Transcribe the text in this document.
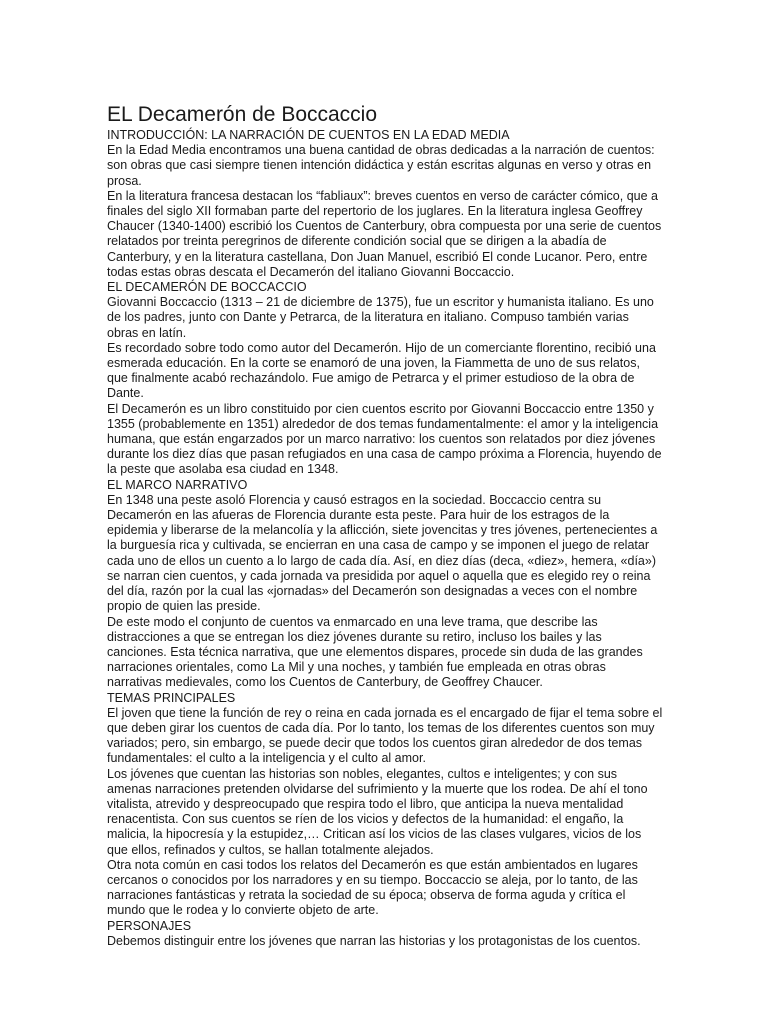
EL Decamerón de Boccaccio

INTRODUCCIÓN: LA NARRACIÓN DE CUENTOS EN LA EDAD MEDIA

En la Edad Media encontramos una buena cantidad de obras dedicadas a la narración de cuentos: son obras que casi siempre tienen intención didáctica y están escritas algunas en verso y otras en prosa.

En la literatura francesa destacan los “fabliaux”: breves cuentos en verso de carácter cómico, que a finales del siglo XII formaban parte del repertorio de los juglares. En la literatura inglesa Geoffrey Chaucer (1340-1400) escribió los Cuentos de Canterbury, obra compuesta por una serie de cuentos relatados por treinta peregrinos de diferente condición social que se dirigen a la abadía de Canterbury, y en la literatura castellana, Don Juan Manuel, escribió El conde Lucanor. Pero, entre todas estas obras descata el Decamerón del italiano Giovanni Boccaccio.

EL DECAMERÓN DE BOCCACCIO

Giovanni Boccaccio (1313 – 21 de diciembre de 1375), fue un escritor y humanista italiano. Es uno de los padres, junto con Dante y Petrarca, de la literatura en italiano. Compuso también varias obras en latín.

Es recordado sobre todo como autor del Decamerón. Hijo de un comerciante florentino, recibió una esmerada educación. En la corte se enamoró de una joven, la Fiammetta de uno de sus relatos, que finalmente acabó rechazándolo. Fue amigo de Petrarca y el primer estudioso de la obra de Dante.

El Decamerón es un libro constituido por cien cuentos escrito por Giovanni Boccaccio entre 1350 y 1355 (probablemente en 1351) alrededor de dos temas fundamentalmente: el amor y la inteligencia humana, que están engarzados por un marco narrativo: los cuentos son relatados por diez jóvenes durante los diez días que pasan refugiados en una casa de campo próxima a Florencia, huyendo de la peste que asolaba esa ciudad en 1348.

EL MARCO NARRATIVO

En 1348 una peste asoló Florencia y causó estragos en la sociedad. Boccaccio centra su Decamerón en las afueras de Florencia durante esta peste. Para huir de los estragos de la epidemia y liberarse de la melancolía y la aflicción, siete jovencitas y tres jóvenes, pertenecientes a la burguesía rica y cultivada, se encierran en una casa de campo y se imponen el juego de relatar cada uno de ellos un cuento a lo largo de cada día. Así, en diez días (deca, «diez», hemera, «día») se narran cien cuentos, y cada jornada va presidida por aquel o aquella que es elegido rey o reina del día, razón por la cual las «jornadas» del Decamerón son designadas a veces con el nombre propio de quien las preside.

De este modo el conjunto de cuentos va enmarcado en una leve trama, que describe las distracciones a que se entregan los diez jóvenes durante su retiro, incluso los bailes y las canciones. Esta técnica narrativa, que une elementos dispares, procede sin duda de las grandes narraciones orientales, como La Mil y una noches, y también fue empleada en otras obras narrativas medievales, como los Cuentos de Canterbury, de Geoffrey Chaucer.

TEMAS PRINCIPALES

El joven que tiene la función de rey o reina en cada jornada es el encargado de fijar el tema sobre el que deben girar los cuentos de cada día. Por lo tanto, los temas de los diferentes cuentos son muy variados; pero, sin embargo, se puede decir que todos los cuentos giran alrededor de dos temas fundamentales: el culto a la inteligencia y el culto al amor.

Los jóvenes que cuentan las historias son nobles, elegantes, cultos e inteligentes; y con sus amenas narraciones pretenden olvidarse del sufrimiento y la muerte que los rodea. De ahí el tono vitalista, atrevido y despreocupado que respira todo el libro, que anticipa la nueva mentalidad renacentista. Con sus cuentos se ríen de los vicios y defectos de la humanidad: el engaño, la malicia, la hipocresía y la estupidez,… Critican así los vicios de las clases vulgares, vicios de los que ellos, refinados y cultos, se hallan totalmente alejados.

Otra nota común en casi todos los relatos del Decamerón es que están ambientados en lugares cercanos o conocidos por los narradores y en su tiempo. Boccaccio se aleja, por lo tanto, de las narraciones fantásticas y retrata la sociedad de su época; observa de forma aguda y crítica el mundo que le rodea y lo convierte objeto de arte.

PERSONAJES

Debemos distinguir entre los jóvenes que narran las historias y los protagonistas de los cuentos.
